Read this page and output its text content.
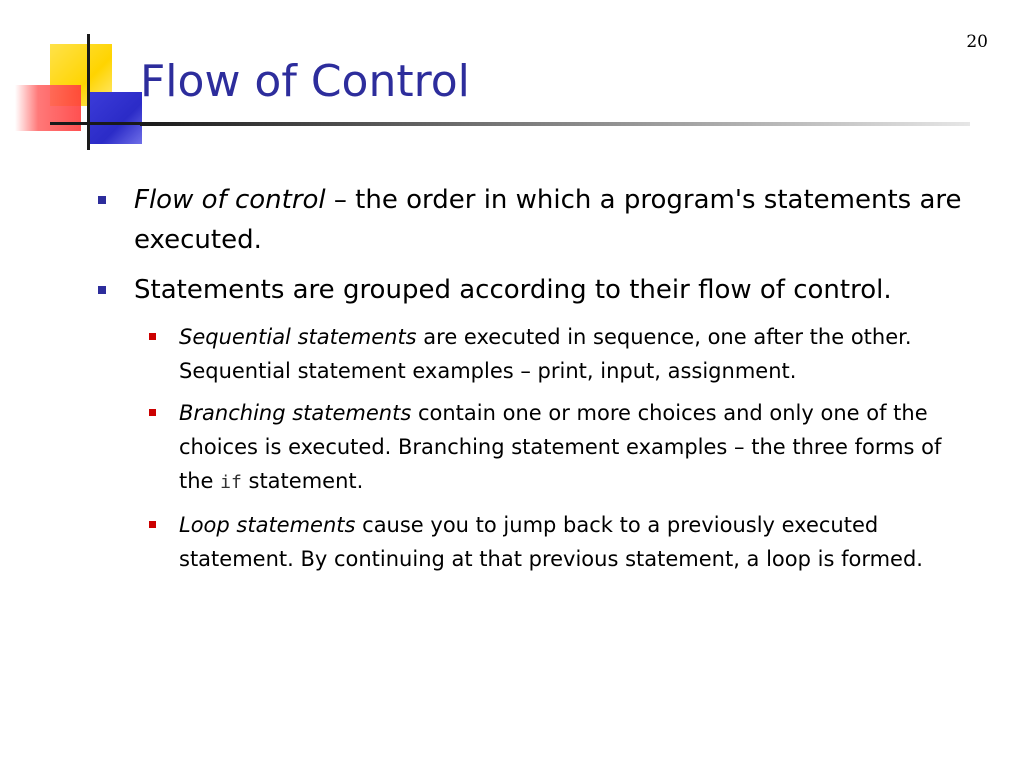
20
Flow of Control
Flow of control – the order in which a program's statements are executed.
Statements are grouped according to their flow of control.
Sequential statements are executed in sequence, one after the other. Sequential statement examples – print, input, assignment.
Branching statements contain one or more choices and only one of the choices is executed. Branching statement examples – the three forms of the if statement.
Loop statements cause you to jump back to a previously executed statement. By continuing at that previous statement, a loop is formed.
